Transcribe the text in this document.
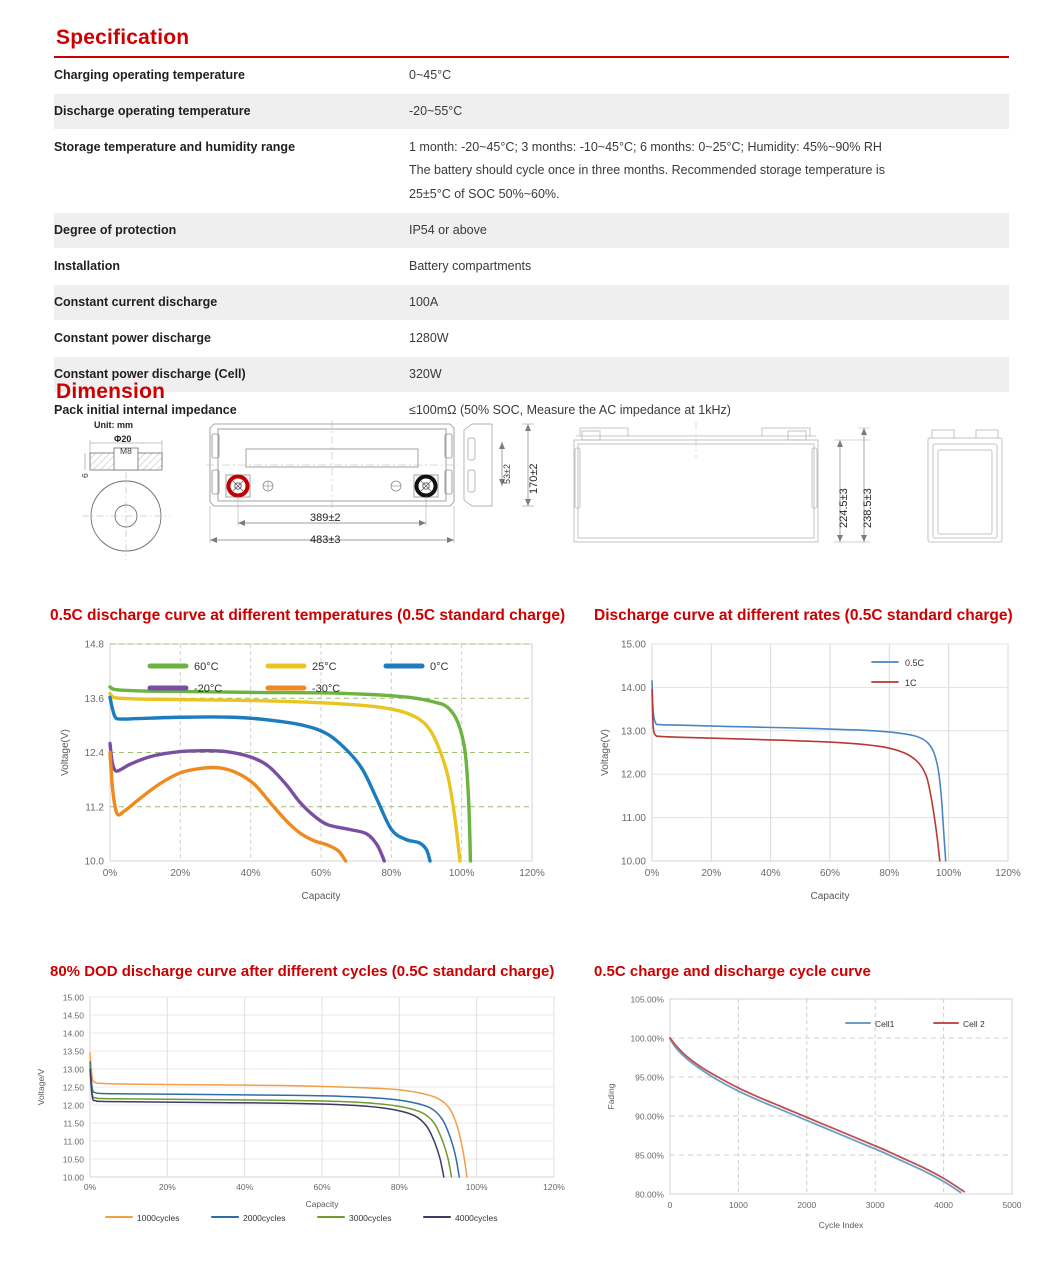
Specification
Charging operating temperature	0~45°C

Discharge operating temperature	-20~55°C

Storage temperature and humidity range	1 month: -20~45°C; 3 months: -10~45°C; 6 months: 0~25°C; Humidity: 45%~90% RH
The battery should cycle once in three months. Recommended storage temperature is
25±5°C of SOC 50%~60%.

Degree of protection	IP54 or above

Installation	Battery compartments

Constant current discharge	100A

Constant power discharge	1280W

Constant power discharge (Cell)	320W

Pack initial internal impedance	≤100mΩ (50% SOC, Measure the AC impedance at 1kHz)
Dimension
Unit: mm
Φ20
M8
6
389±2
483±3
53±2 170±2
224.5±3 238.5±3
0.5C discharge curve at different temperatures (0.5C standard charge)
0%	20%	40%	60%	80%	100%	120%
14.8
13.6
12.4
11.2
10.0
Capacity
Voltage(V)
60°C	25°C	0°C
-20°C	-30°C
Discharge curve at different rates (0.5C standard charge)
0%	20%	40%	60%	80%	100%	120%
15.00
14.00
13.00
12.00
11.00
10.00
Capacity
Voltage(V)
0.5C
1C
80% DOD discharge curve after different cycles (0.5C standard charge)
0%	20%	40%	60%	80%	100%	120%
15.00
14.50
14.00
13.50
13.00
12.50
12.00
11.50
11.00
10.50
10.00
Capacity
Voltage/V
1000cycles	2000cycles	3000cycles	4000cycles
0.5C charge and discharge cycle curve
0	1000	2000	3000	4000	5000
105.00%
100.00%
95.00%
90.00%
85.00%
80.00%
Cycle Index
Fading
Cell1	Cell 2
